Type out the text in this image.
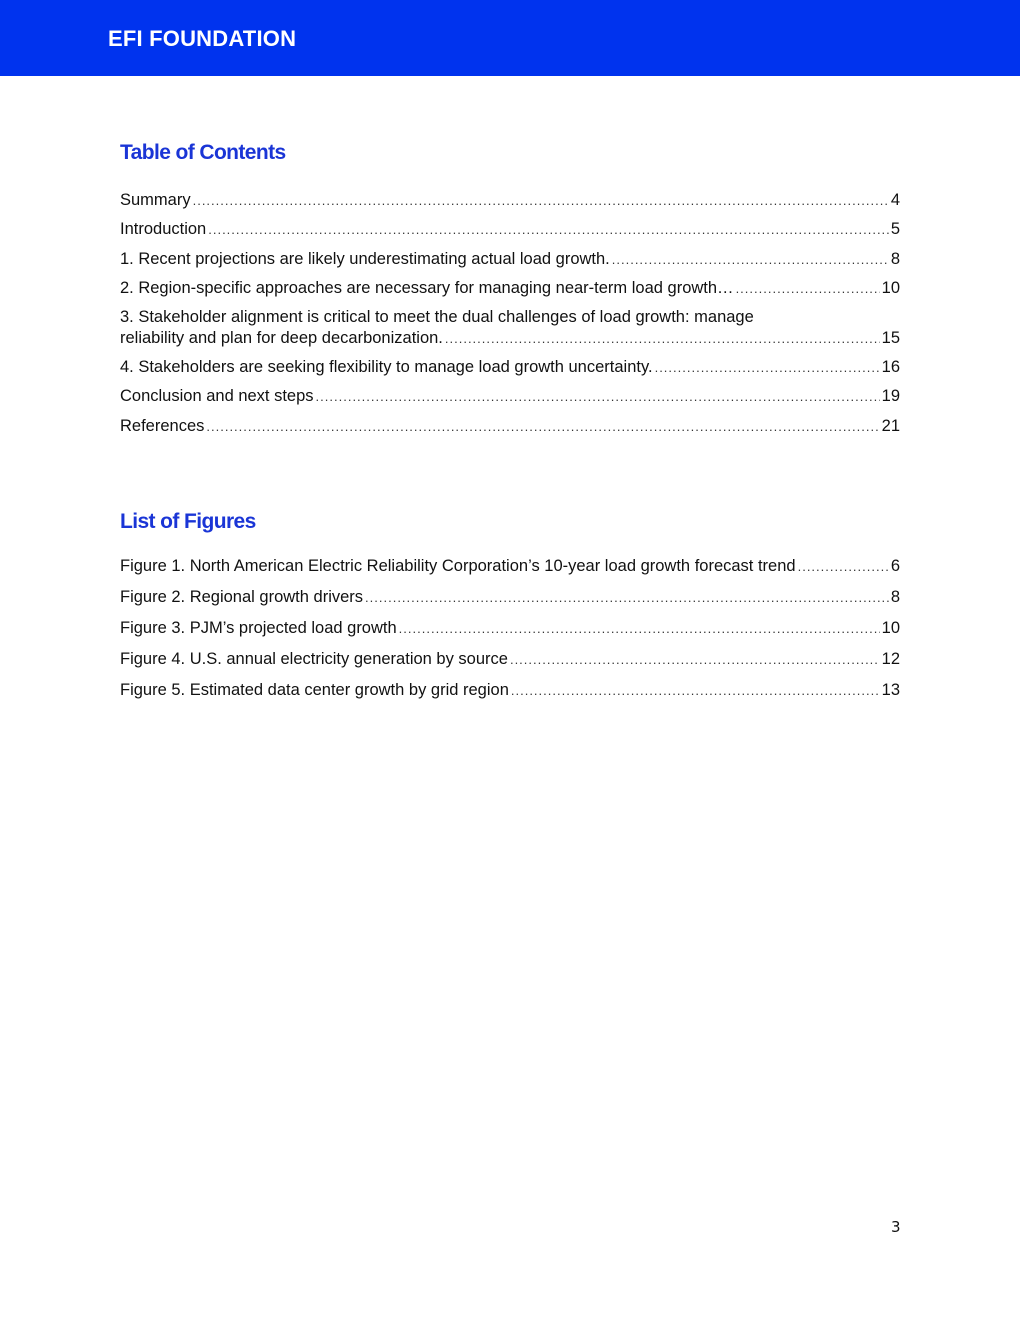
EFI FOUNDATION
Table of Contents
Summary .....	4
Introduction .....	5
1. Recent projections are likely underestimating actual load growth. .....	8
2. Region-specific approaches are necessary for managing near-term load growth… .....	10
3. Stakeholder alignment is critical to meet the dual challenges of load growth: manage
reliability and plan for deep decarbonization. .....	15
4. Stakeholders are seeking flexibility to manage load growth uncertainty. .....	16
Conclusion and next steps .....	19
References .....	21
List of Figures
Figure 1. North American Electric Reliability Corporation’s 10-year load growth forecast trend .....	6
Figure 2. Regional growth drivers .....	8
Figure 3. PJM’s projected load growth .....	10
Figure 4. U.S. annual electricity generation by source .....	12
Figure 5. Estimated data center growth by grid region .....	13
3
